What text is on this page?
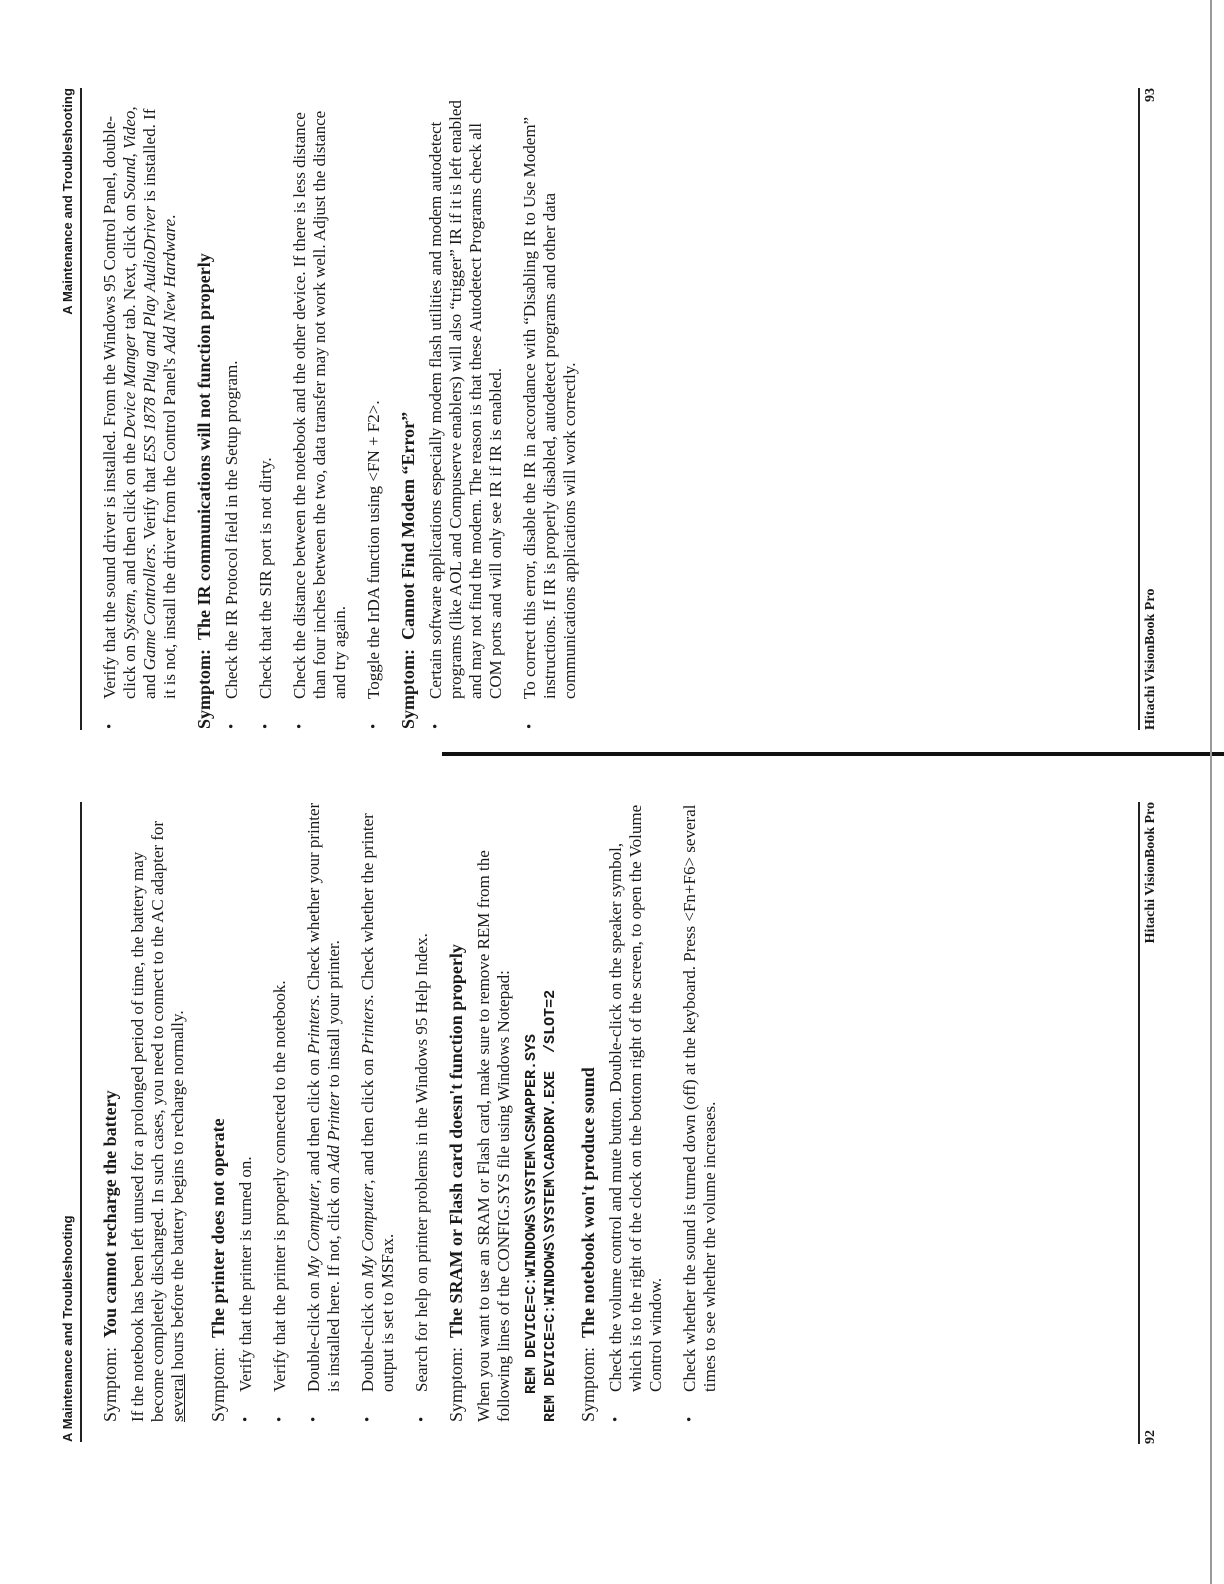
A Maintenance and Troubleshooting	Symptom:  You cannot recharge the battery If the notebook has been left unused for a prolonged period of time, the battery may become completely discharged. In such cases, you need to connect to the AC adapter for several hours before the battery begins to recharge normally.

Symptom:  The printer does not operate
•
Verify that the printer is turned on.
•
Verify that the printer is properly connected to the notebook.
•
Double-click on My Computer, and then click on Printers. Check whether your printer is installed here. If not, click on Add Printer to install your printer.
•
Double-click on My Computer, and then click on Printers. Check whether the printer output is set to MSFax.
•
Search for help on printer problems in the Windows 95 Help Index. Symptom:  The SRAM or Flash card doesn't function properly When you want to use an SRAM or Flash card, make sure to remove REM from the following lines of the CONFIG.SYS file using Windows Notepad: REM DEVICE=C:WINDOWS\SYSTEM\CSMAPPER.SYS REM DEVICE=C:WINDOWS\SYSTEM\CARDDRV.EXE  /SLOT=2 Symptom:  The notebook won't produce sound
•
Check the volume control and mute button. Double-click on the speaker symbol, which is to the right of the clock on the bottom right of the screen, to open the Volume Control window.
•
Check whether the sound is turned down (off) at the keyboard. Press <Fn+F6> several times to see whether the volume increases.
92
Hitachi VisionBook Pro
A Maintenance and Troubleshooting
•
Verify that the sound driver is installed. From the Windows 95 Control Panel, double-click on System, and then click on the Device Manger tab. Next, click on Sound, Video, and Game Controllers. Verify that ESS 1878 Plug and Play AudioDriver is installed. If it is not, install the driver from the Control Panel's Add New Hardware.
Symptom:  The IR communications will not function properly
•
Check the IR Protocol field in the Setup program.
•
Check that the SIR port is not dirty.
•
Check the distance between the notebook and the other device. If there is less distance than four inches between the two, data transfer may not work well. Adjust the distance and try again.
•
Toggle the IrDA function using <FN + F2>. Symptom:  Cannot Find Modem “Error”
•
Certain software applications especially modem flash utilities and modem autodetect programs (like AOL and Compuserve enablers) will also “trigger” IR if it is left enabled and may not find the modem. The reason is that these Autodetect Programs check all COM ports and will only see IR if IR is enabled.
•
To correct this error, disable the IR in accordance with “Disabling IR to Use Modem” instructions. If IR is properly disabled, autodetect programs and other data communications applications will work correctly.	Hitachi VisionBook Pro
93
